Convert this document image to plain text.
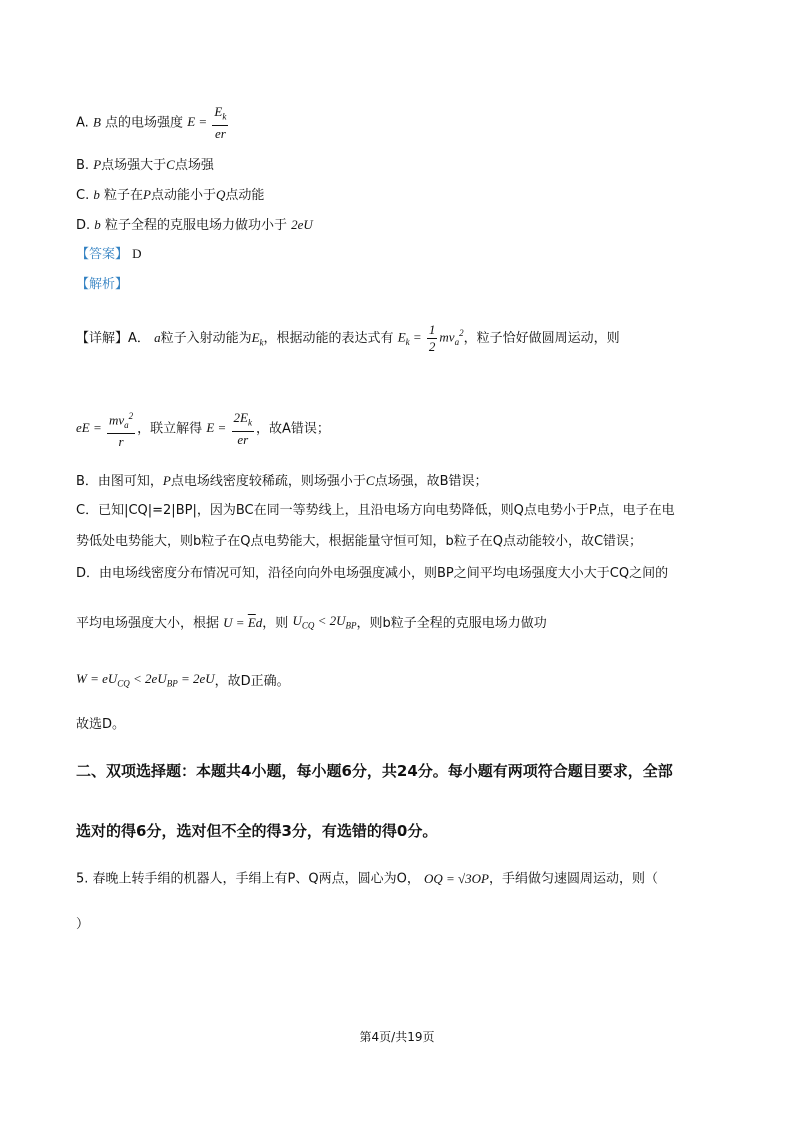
A. B 点的电场强度 $E = \frac{E_k}{er}$
B. P点场强大于C点场强
C. b 粒子在P点动能小于Q点动能
D. b 粒子全程的克服电场力做功小于 2eU
【答案】 D
【解析】
【详解】A． a粒子入射动能为$E_k$，根据动能的表达式有 $E_k = \frac{1}{2} mv_a^2$，粒子恰好做圆周运动，则
eE = $\frac{mv_a^2}{r}$ ，联立解得 $E = \frac{2E_k}{er}$ ，故A错误；
B．由图可知，P点电场线密度较稀疏，则场强小于C点场强，故B错误；
C．已知|CQ|=2|BP|，因为BC在同一等势线上，且沿电场方向电势降低，则Q点电势小于P点，电子在电
势低处电势能大，则b粒子在Q点电势能大，根据能量守恒可知，b粒子在Q点动能较小，故C错误；
D．由电场线密度分布情况可知，沿径向向外电场强度减小，则BP之间平均电场强度大小大于CQ之间的
平均电场强度大小，根据 $U = \overline{E}d$，则 $U_{CQ} < 2U_{BP}$，则b粒子全程的克服电场力做功
$W = eU_{CQ} < 2eU_{BP} = 2eU$，故D正确。
故选D。
二、双项选择题：本题共4小题，每小题6分，共24分。每小题有两项符合题目要求，全部
选对的得6分，选对但不全的得3分，有选错的得0分。
5. 春晚上转手绢的机器人，手绢上有P、Q两点，圆心为O， OQ = √3OP，手绢做匀速圆周运动，则（
）
第4页/共19页
